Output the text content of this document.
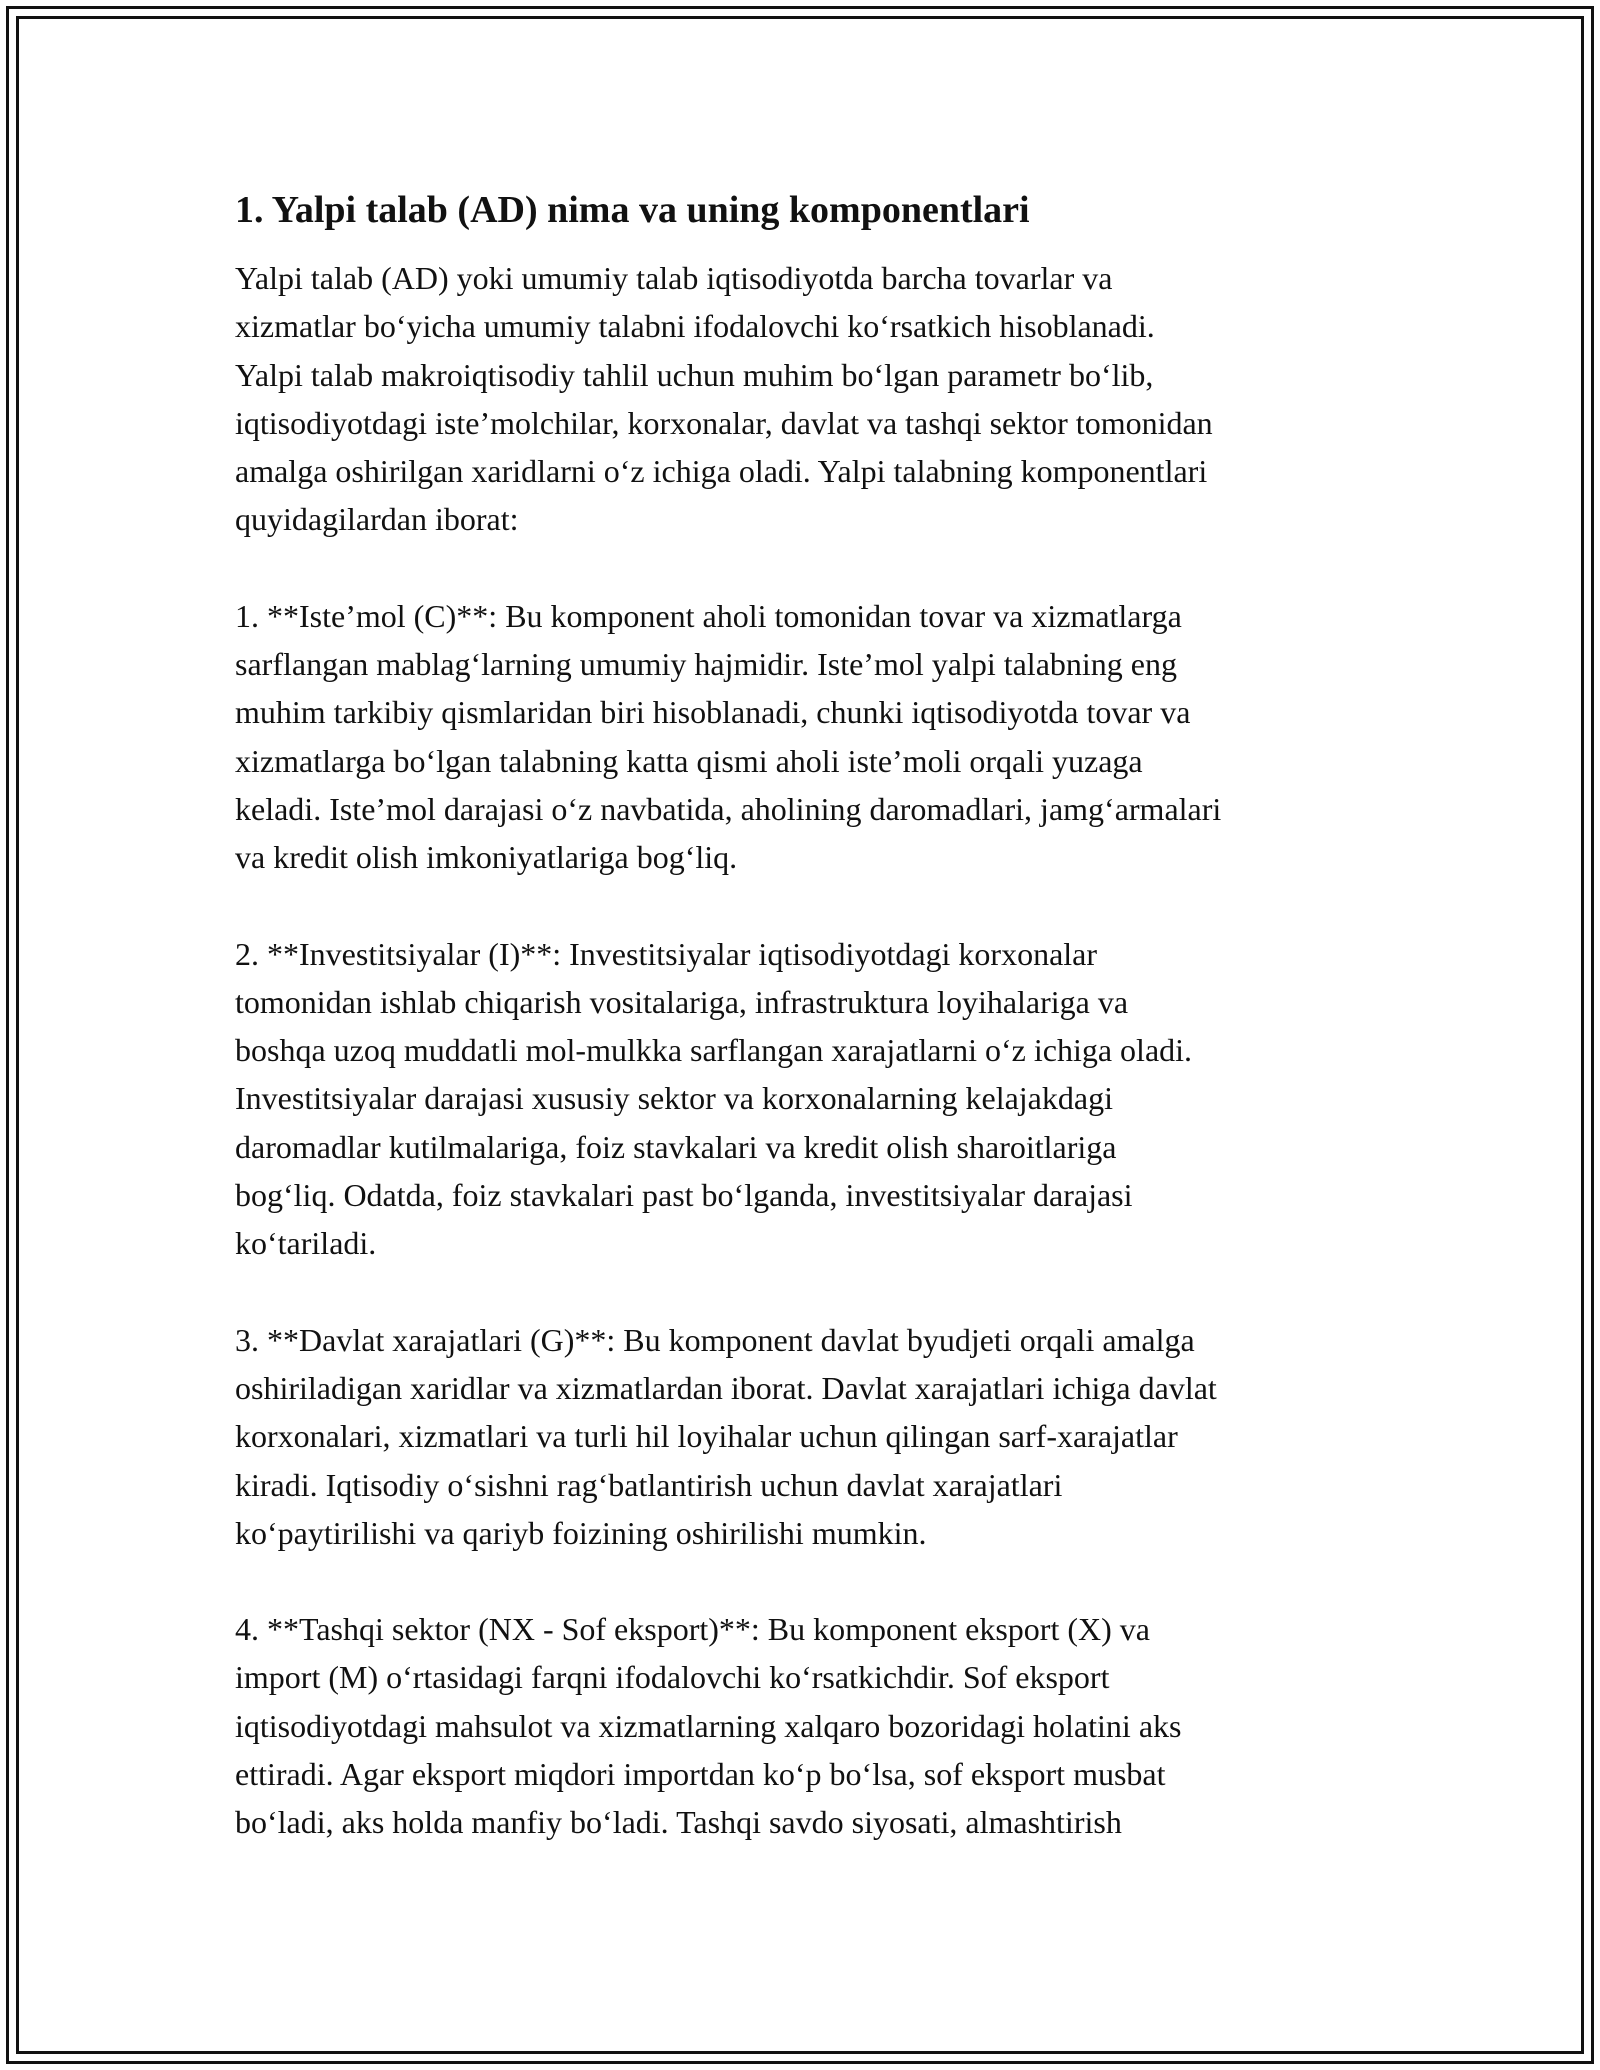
1. Yalpi talab (AD) nima va uning komponentlari

Yalpi talab (AD) yoki umumiy talab iqtisodiyotda barcha tovarlar va
xizmatlar bo‘yicha umumiy talabni ifodalovchi ko‘rsatkich hisoblanadi.
Yalpi talab makroiqtisodiy tahlil uchun muhim bo‘lgan parametr bo‘lib,
iqtisodiyotdagi iste’molchilar, korxonalar, davlat va tashqi sektor tomonidan
amalga oshirilgan xaridlarni o‘z ichiga oladi. Yalpi talabning komponentlari
quyidagilardan iborat:

1. **Iste’mol (C)**: Bu komponent aholi tomonidan tovar va xizmatlarga
sarflangan mablag‘larning umumiy hajmidir. Iste’mol yalpi talabning eng
muhim tarkibiy qismlaridan biri hisoblanadi, chunki iqtisodiyotda tovar va
xizmatlarga bo‘lgan talabning katta qismi aholi iste’moli orqali yuzaga
keladi. Iste’mol darajasi o‘z navbatida, aholining daromadlari, jamg‘armalari
va kredit olish imkoniyatlariga bog‘liq.

2. **Investitsiyalar (I)**: Investitsiyalar iqtisodiyotdagi korxonalar
tomonidan ishlab chiqarish vositalariga, infrastruktura loyihalariga va
boshqa uzoq muddatli mol-mulkka sarflangan xarajatlarni o‘z ichiga oladi.
Investitsiyalar darajasi xususiy sektor va korxonalarning kelajakdagi
daromadlar kutilmalariga, foiz stavkalari va kredit olish sharoitlariga
bog‘liq. Odatda, foiz stavkalari past bo‘lganda, investitsiyalar darajasi
ko‘tariladi.

3. **Davlat xarajatlari (G)**: Bu komponent davlat byudjeti orqali amalga
oshiriladigan xaridlar va xizmatlardan iborat. Davlat xarajatlari ichiga davlat
korxonalari, xizmatlari va turli hil loyihalar uchun qilingan sarf-xarajatlar
kiradi. Iqtisodiy o‘sishni rag‘batlantirish uchun davlat xarajatlari
ko‘paytirilishi va qariyb foizining oshirilishi mumkin.

4. **Tashqi sektor (NX - Sof eksport)**: Bu komponent eksport (X) va
import (M) o‘rtasidagi farqni ifodalovchi ko‘rsatkichdir. Sof eksport
iqtisodiyotdagi mahsulot va xizmatlarning xalqaro bozoridagi holatini aks
ettiradi. Agar eksport miqdori importdan ko‘p bo‘lsa, sof eksport musbat
bo‘ladi, aks holda manfiy bo‘ladi. Tashqi savdo siyosati, almashtirish
